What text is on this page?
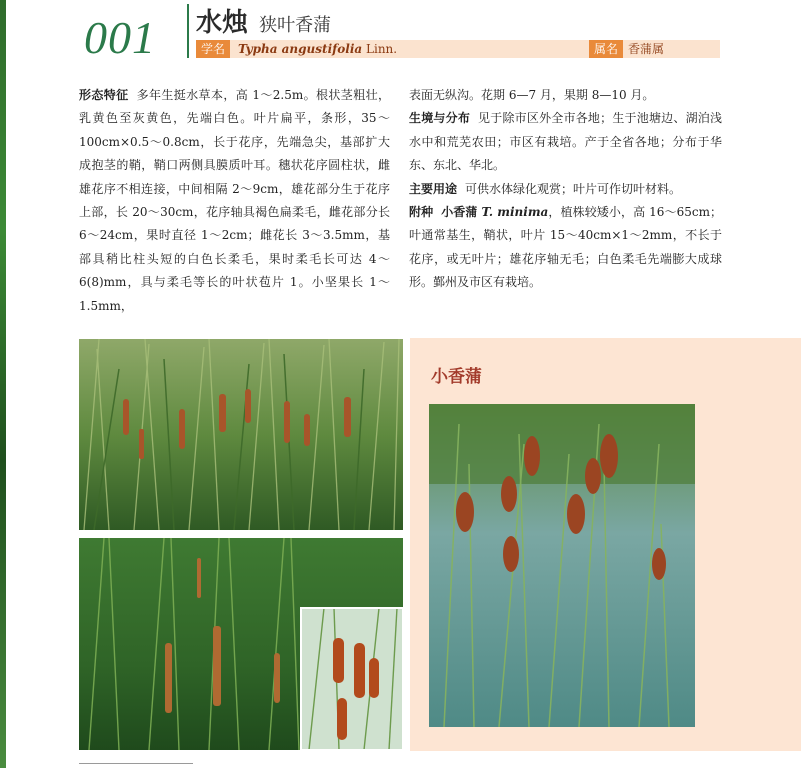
001 水烛 狭叶香蒲
学名	Typha angustifolia Linn.	属名 香蒲属

形态特征 多年生挺水草本，高 1～2.5m。根状茎粗壮，乳黄色至灰黄色，先端白色。叶片扁平，条形，35～100cm×0.5～0.8cm，长于花序，先端急尖，基部扩大成抱茎的鞘，鞘口两侧具膜质叶耳。穗状花序圆柱状，雌雄花序不相连接，中间相隔 2～9cm，雄花部分生于花序上部，长 20～30cm，花序轴具褐色扁柔毛，雌花部分长 6～24cm，果时直径 1～2cm；雌花长 3～3.5mm，基部具稍比柱头短的白色长柔毛，果时柔毛长可达 4～6(8)mm，具与柔毛等长的叶状苞片 1。小坚果长 1～1.5mm，

表面无纵沟。花期 6—7 月，果期 8—10 月。

生境与分布 见于除市区外全市各地；生于池塘边、湖泊浅水中和荒芜农田；市区有栽培。产于全省各地；分布于华东、东北、华北。

主要用途 可供水体绿化观赏；叶片可作切叶材料。

附种 小香蒲 T. minima，植株较矮小，高 16～65cm；叶通常基生，鞘状，叶片 15～40cm×1～2mm，不长于花序，或无叶片；雄花序轴无毛；白色柔毛先端膨大成球形。鄞州及市区有栽培。

小香蒲
